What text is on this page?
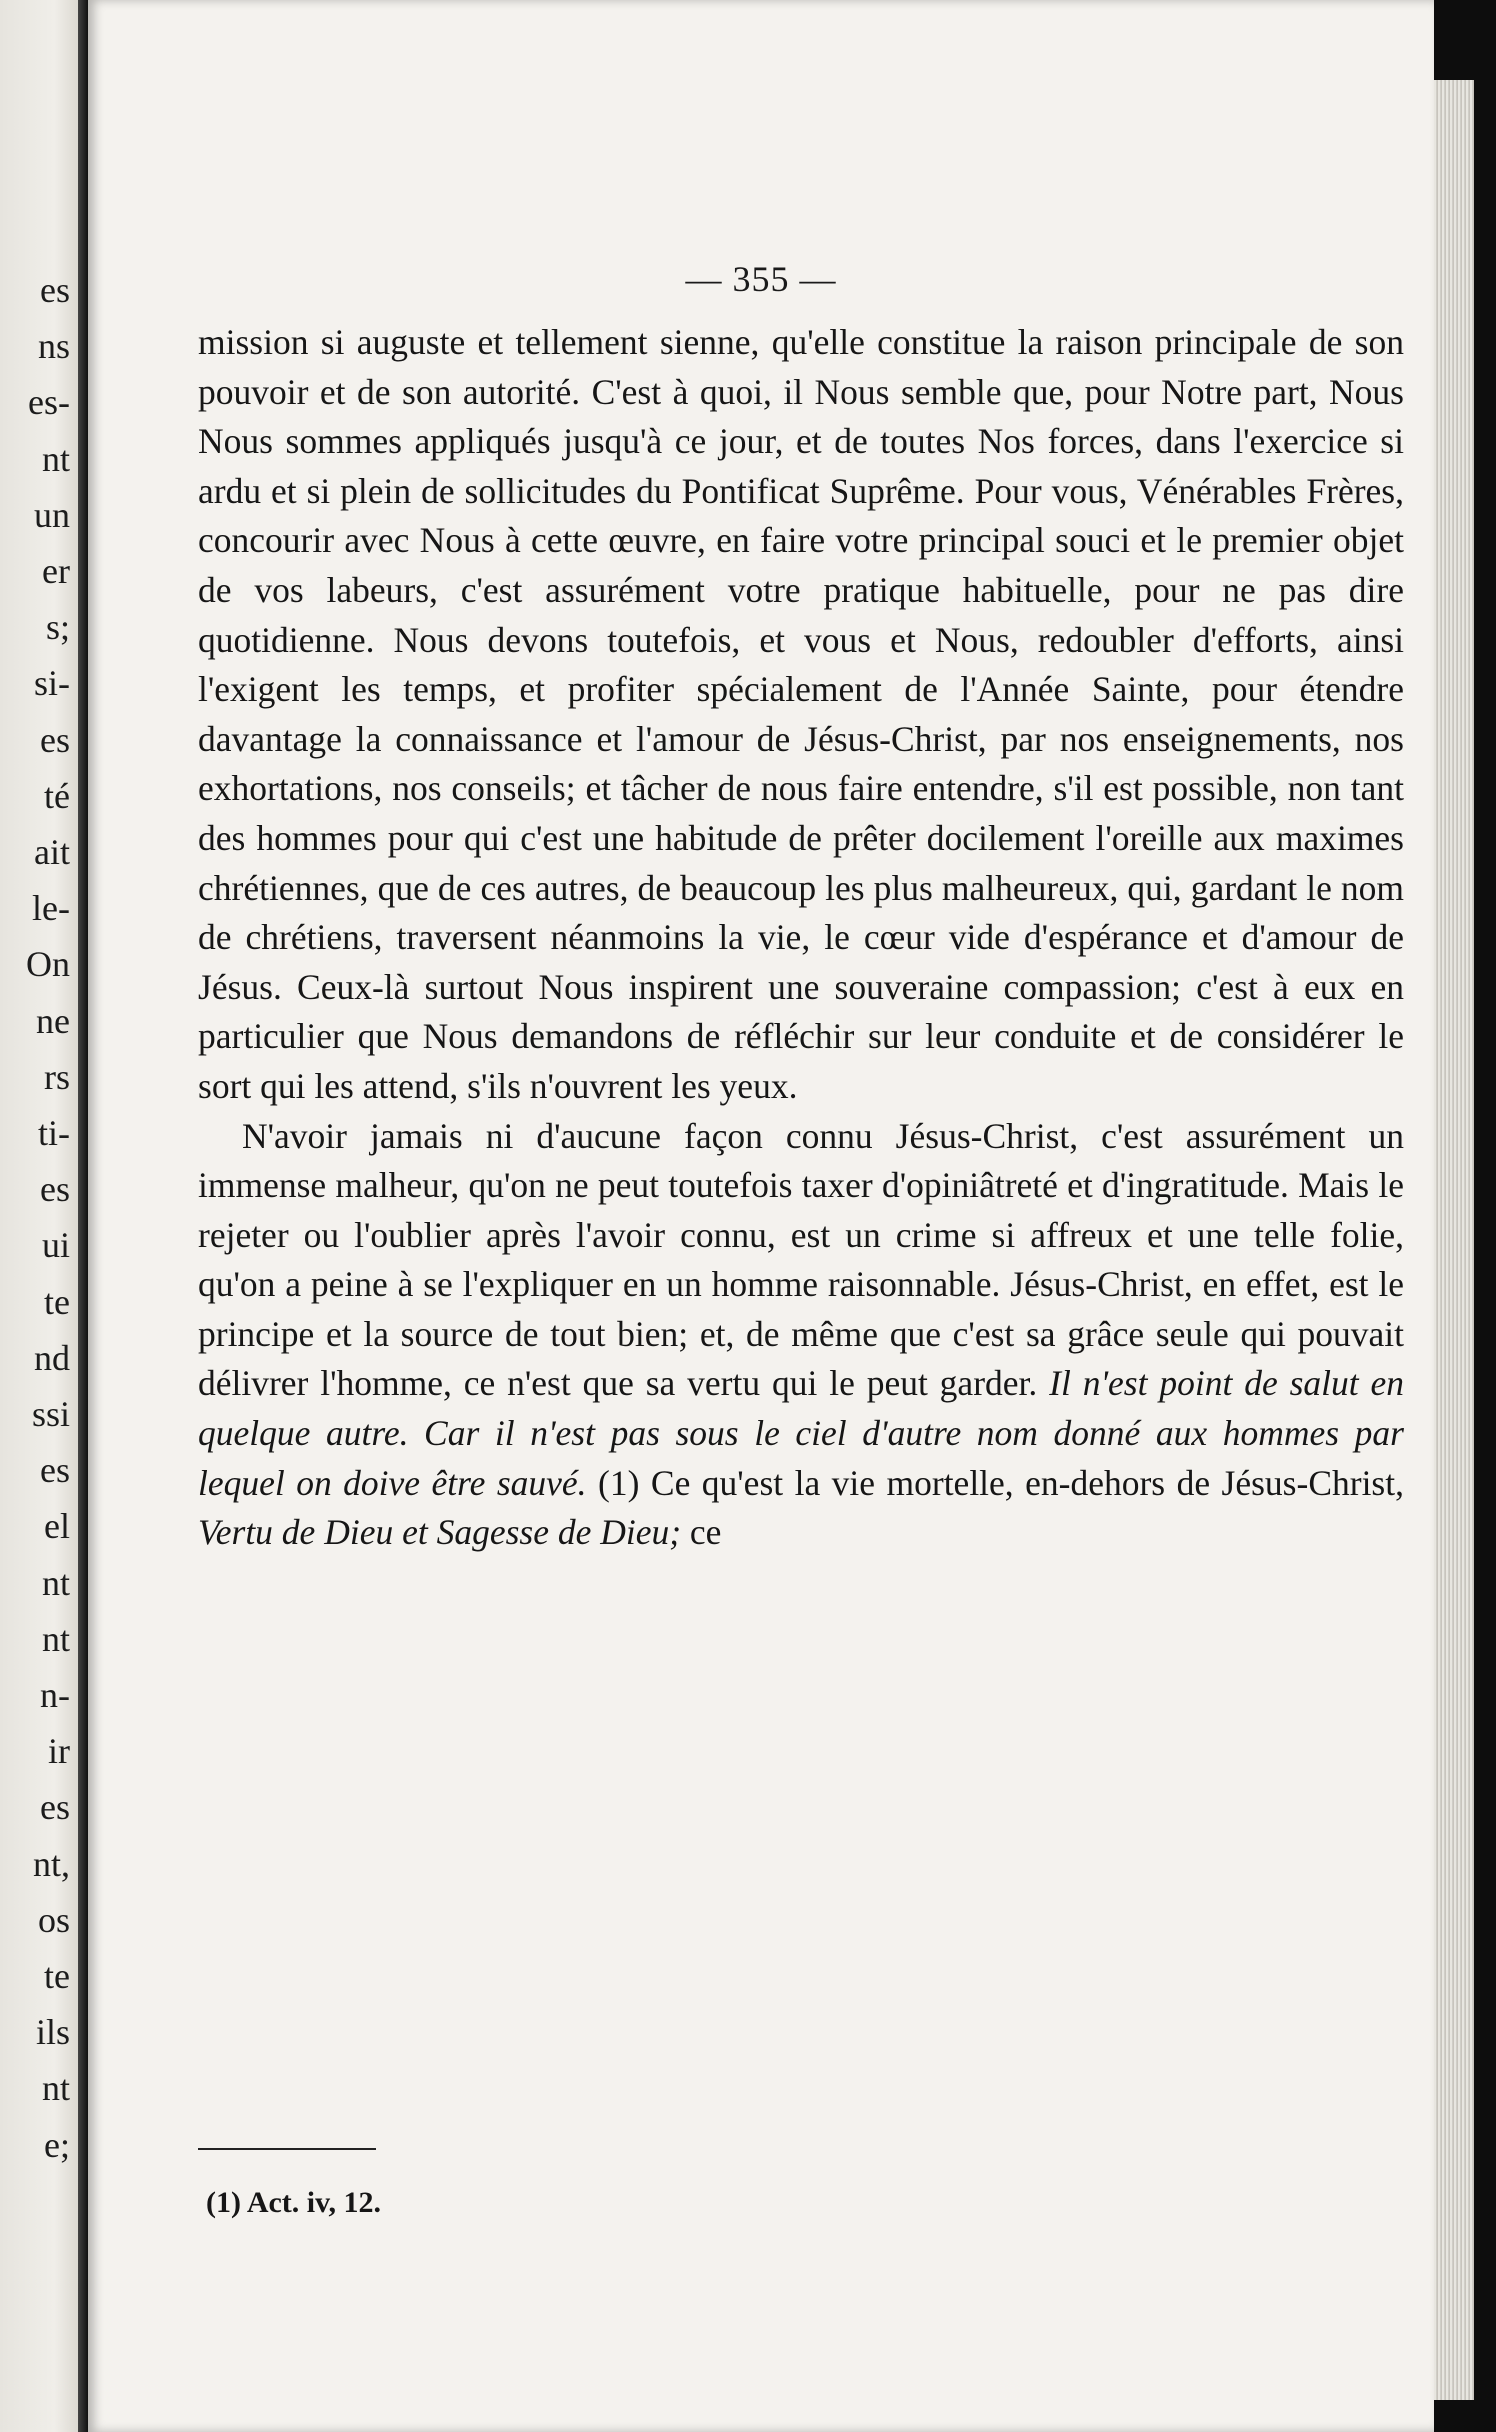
es
ns
es-
nt
un
er
s;
si-
es
té
ait
le-
On
ne
rs
ti-
es
ui
te
nd
ssi
es
el
nt
nt
n-
ir
es
nt,
os
te
ils
nt
e;
— 355 —

mission si auguste et tellement sienne, qu'elle constitue la raison principale de son pouvoir et de son autorité. C'est à quoi, il Nous semble que, pour Notre part, Nous Nous sommes appliqués jusqu'à ce jour, et de toutes Nos forces, dans l'exercice si ardu et si plein de sollicitudes du Pontificat Suprême. Pour vous, Vénérables Frères, concourir avec Nous à cette œuvre, en faire votre principal souci et le premier objet de vos labeurs, c'est assurément votre pratique habituelle, pour ne pas dire quotidienne. Nous devons toutefois, et vous et Nous, redoubler d'efforts, ainsi l'exigent les temps, et profiter spécialement de l'Année Sainte, pour étendre davantage la connaissance et l'amour de Jésus-Christ, par nos enseignements, nos exhortations, nos conseils; et tâcher de nous faire entendre, s'il est possible, non tant des hommes pour qui c'est une habitude de prêter docilement l'oreille aux maximes chrétiennes, que de ces autres, de beaucoup les plus malheureux, qui, gardant le nom de chrétiens, traversent néanmoins la vie, le cœur vide d'espérance et d'amour de Jésus. Ceux-là surtout Nous inspirent une souveraine compassion; c'est à eux en particulier que Nous demandons de réfléchir sur leur conduite et de considérer le sort qui les attend, s'ils n'ouvrent les yeux.

N'avoir jamais ni d'aucune façon connu Jésus-Christ, c'est assurément un immense malheur, qu'on ne peut toutefois taxer d'opiniâtreté et d'ingratitude. Mais le rejeter ou l'oublier après l'avoir connu, est un crime si affreux et une telle folie, qu'on a peine à se l'expliquer en un homme raisonnable. Jésus-Christ, en effet, est le principe et la source de tout bien; et, de même que c'est sa grâce seule qui pouvait délivrer l'homme, ce n'est que sa vertu qui le peut garder. Il n'est point de salut en quelque autre. Car il n'est pas sous le ciel d'autre nom donné aux hommes par lequel on doive être sauvé. (1) Ce qu'est la vie mortelle, en-dehors de Jésus-Christ, Vertu de Dieu et Sagesse de Dieu; ce

(1) Act. iv, 12.
